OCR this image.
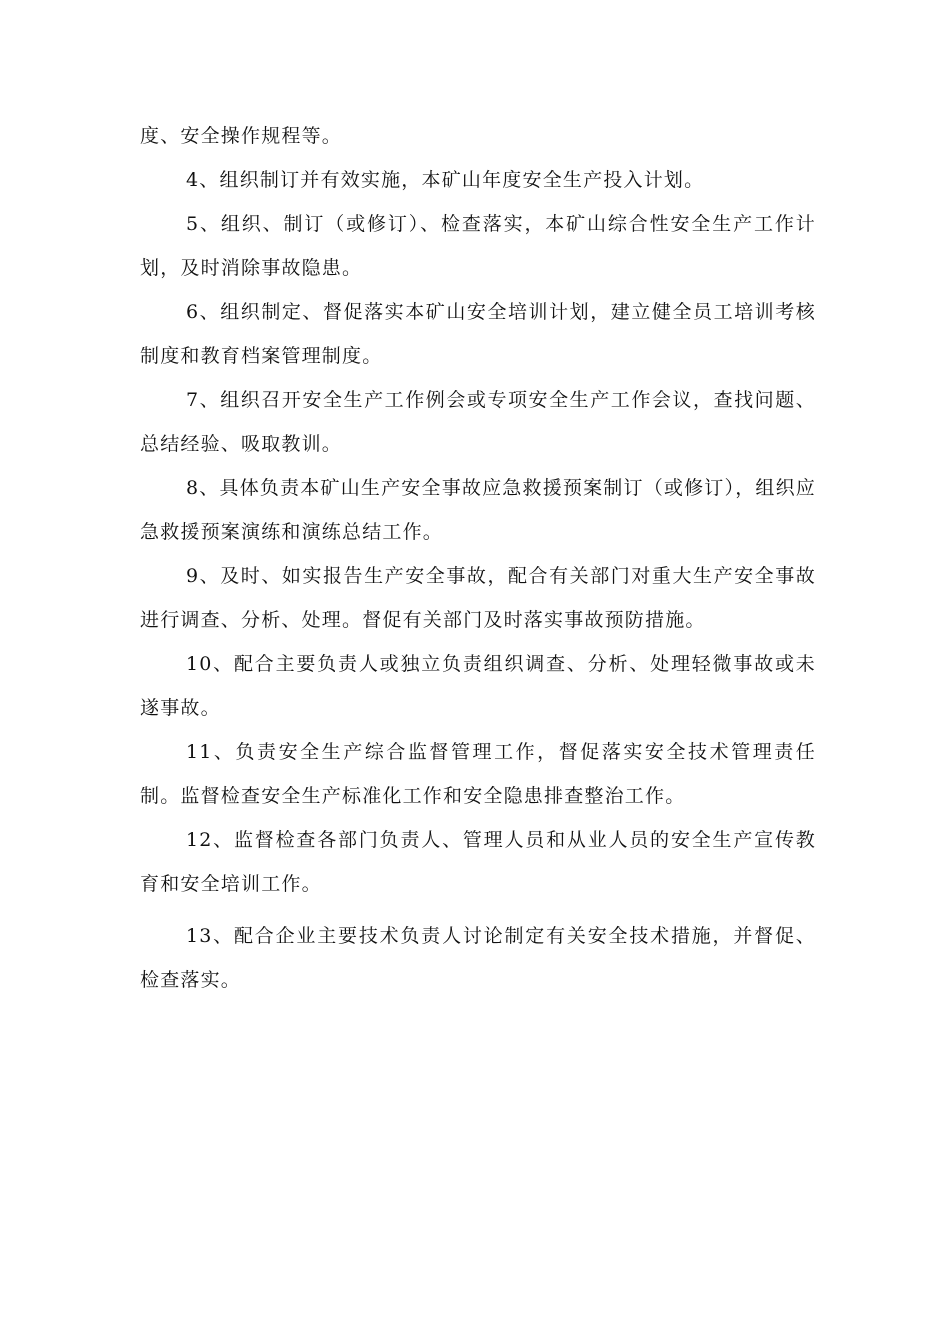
度、安全操作规程等。

4、组织制订并有效实施，本矿山年度安全生产投入计划。

5、组织、制订（或修订）、检查落实，本矿山综合性安全生产工作计划，及时消除事故隐患。

6、组织制定、督促落实本矿山安全培训计划，建立健全员工培训考核制度和教育档案管理制度。

7、组织召开安全生产工作例会或专项安全生产工作会议，查找问题、总结经验、吸取教训。

8、具体负责本矿山生产安全事故应急救援预案制订（或修订），组织应急救援预案演练和演练总结工作。

9、及时、如实报告生产安全事故，配合有关部门对重大生产安全事故进行调查、分析、处理。督促有关部门及时落实事故预防措施。

10、配合主要负责人或独立负责组织调查、分析、处理轻微事故或未遂事故。

11、负责安全生产综合监督管理工作，督促落实安全技术管理责任制。监督检查安全生产标准化工作和安全隐患排查整治工作。

12、监督检查各部门负责人、管理人员和从业人员的安全生产宣传教育和安全培训工作。

13、配合企业主要技术负责人讨论制定有关安全技术措施，并督促、检查落实。
